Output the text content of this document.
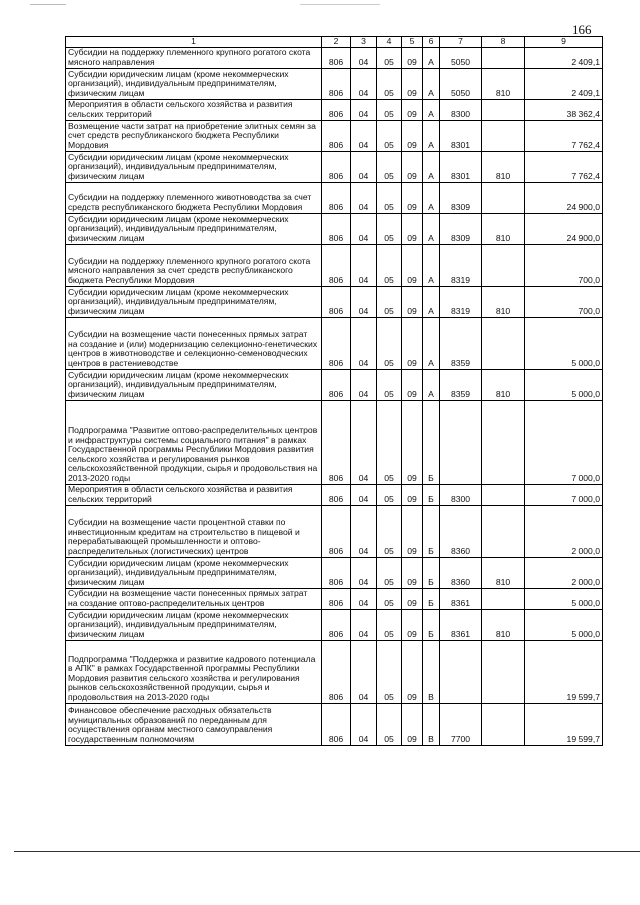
166
1	2	3	4	5	6	7	8	9
Субсидии на поддержку племенного крупного рогатого скота мясного направления	806	04	05	09	А	5050		2 409,1
Субсидии юридическим лицам (кроме некоммерческих организаций), индивидуальным предпринимателям, физическим лицам	806	04	05	09	А	5050	810	2 409,1
Мероприятия в области сельского хозяйства и развития сельских территорий	806	04	05	09	А	8300		38 362,4
Возмещение части затрат на приобретение элитных семян за счет средств республиканского бюджета Республики Мордовия	806	04	05	09	А	8301		7 762,4
Субсидии юридическим лицам (кроме некоммерческих организаций), индивидуальным предпринимателям, физическим лицам	806	04	05	09	А	8301	810	7 762,4
Субсидии на поддержку племенного животноводства за счет средств республиканского бюджета Республики Мордовия	806	04	05	09	А	8309		24 900,0
Субсидии юридическим лицам (кроме некоммерческих организаций), индивидуальным предпринимателям, физическим лицам	806	04	05	09	А	8309	810	24 900,0
Субсидии на поддержку племенного крупного рогатого скота мясного направления за счет средств республиканского бюджета Республики Мордовия	806	04	05	09	А	8319		700,0
Субсидии юридическим лицам (кроме некоммерческих организаций), индивидуальным предпринимателям, физическим лицам	806	04	05	09	А	8319	810	700,0
Субсидии на возмещение части понесенных прямых затрат на создание и (или) модернизацию селекционно-генетических центров в животноводстве и селекционно-семеноводческих центров в растениеводстве	806	04	05	09	А	8359		5 000,0
Субсидии юридическим лицам (кроме некоммерческих организаций), индивидуальным предпринимателям, физическим лицам	806	04	05	09	А	8359	810	5 000,0
Подпрограмма "Развитие оптово-распределительных центров и инфраструктуры системы социального питания" в рамках Государственной программы Республики Мордовия развития сельского хозяйства и регулирования рынков сельскохозяйственной продукции, сырья и продовольствия на 2013-2020 годы	806	04	05	09	Б			7 000,0
Мероприятия в области сельского хозяйства и развития сельских территорий	806	04	05	09	Б	8300		7 000,0
Субсидии на возмещение части процентной ставки по инвестиционным кредитам на строительство в пищевой и перерабатывающей промышленности и оптово-распределительных (логистических) центров	806	04	05	09	Б	8360		2 000,0
Субсидии юридическим лицам (кроме некоммерческих организаций), индивидуальным предпринимателям, физическим лицам	806	04	05	09	Б	8360	810	2 000,0
Субсидии на возмещение части понесенных прямых затрат на создание оптово-распределительных центров	806	04	05	09	Б	8361		5 000,0
Субсидии юридическим лицам (кроме некоммерческих организаций), индивидуальным предпринимателям, физическим лицам	806	04	05	09	Б	8361	810	5 000,0
Подпрограмма "Поддержка и развитие кадрового потенциала в АПК" в рамках Государственной программы Республики Мордовия развития сельского хозяйства и регулирования рынков сельскохозяйственной продукции, сырья и продовольствия на 2013-2020 годы	806	04	05	09	В			19 599,7
Финансовое обеспечение расходных обязательств муниципальных образований по переданным для осуществления органам местного самоуправления государственным полномочиям	806	04	05	09	В	7700		19 599,7
